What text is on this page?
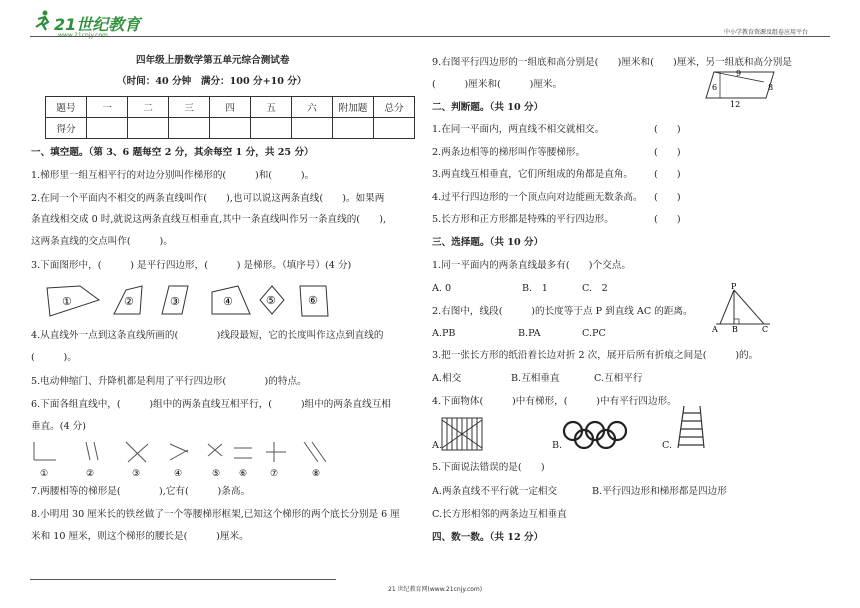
21世纪教育	中小学教育资源及组卷应用平台
四年级上册数学第五单元综合测试卷
（时间：40 分钟　满分：100 分+10 分）
题号	一	二	三	四	五	六	附加题	总分
得分								
一、填空题。（第 3、6 题每空 2 分，其余每空 1 分，共 25 分）
1.梯形里一组互相平行的对边分别叫作梯形的(　　　)和(　　　)。
2.在同一个平面内不相交的两条直线叫作(　　),也可以说这两条直线(　　)。如果两
条直线相交成 0 时,就说这两条直线互相垂直,其中一条直线叫作另一条直线的(　　),
这两条直线的交点叫作(　　　)。
3.下面图形中，(　　　) 是平行四边形，(　　　) 是梯形。（填序号）(4 分)
①	②	③	④	⑤	⑥
4.从直线外一点到这条直线所画的(　　　　)线段最短，它的长度叫作这点到直线的
(　　　)。
5.电动伸缩门、升降机都是利用了平行四边形(　　　　)的特点。
6.下面各组直线中，(　　　)组中的两条直线互相平行，(　　　)组中的两条直线互相
垂直。(4 分)
①	②	③	④	⑤ ⑥	⑦	⑧
7.两腰相等的梯形是(　　　　),它有(　　　)条高。
8.小明用 30 厘米长的铁丝做了一个等腰梯形框架,已知这个梯形的两个底长分别是 6 厘
米和 10 厘米，则这个梯形的腰长是(　　　)厘米。
9.右图平行四边形的一组底和高分别是(　　)厘米和(　　)厘米，另一组底和高分别是
(　　　)厘米和(　　　)厘米。
9
6	8
12
二、判断题。（共 10 分）
1.在同一平面内，两直线不相交就相交。	(　　)
2.两条边相等的梯形叫作等腰梯形。	(　　)
3.两直线互相垂直，它们所组成的角都是直角。 (　　)
4.过平行四边形的一个顶点向对边能画无数条高。 (　　)
5.长方形和正方形都是特殊的平行四边形。	(　　)
三、选择题。（共 10 分）
1.同一平面内的两条直线最多有(　　)个交点。
A. 0	B.　1	C.　2
2.右图中，线段(　　　)的长度等于点 P 到直线 AC 的距离。
A.PB	B.PA	C.PC
P
A B	C
3.把一张长方形的纸沿着长边对折 2 次，展开后所有折痕之间是(　　　)的。
A.相交	B.互相垂直	C.互相平行
4.下面物体(　　　)中有梯形，(　　　)中有平行四边形。
A.	B.	C.
5.下面说法错误的是(　　)
A.两条直线不平行就一定相交	B.平行四边形和梯形都是四边形
C.长方形相邻的两条边互相垂直
四、数一数。（共 12 分）
21 世纪教育网(www.21cnjy.com)
